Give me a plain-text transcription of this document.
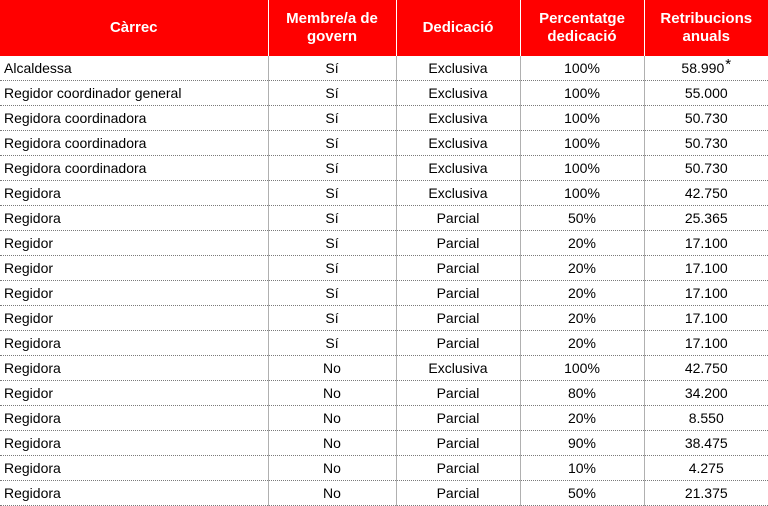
Càrrec	Membre/a de govern	Dedicació	Percentatge dedicació	Retribucions anuals
Alcaldessa	Sí	Exclusiva	100%	58.990*
Regidor coordinador general	Sí	Exclusiva	100%	55.000
Regidora coordinadora	Sí	Exclusiva	100%	50.730
Regidora coordinadora	Sí	Exclusiva	100%	50.730
Regidora coordinadora	Sí	Exclusiva	100%	50.730
Regidora	Sí	Exclusiva	100%	42.750
Regidora	Sí	Parcial	50%	25.365
Regidor	Sí	Parcial	20%	17.100
Regidor	Sí	Parcial	20%	17.100
Regidor	Sí	Parcial	20%	17.100
Regidor	Sí	Parcial	20%	17.100
Regidora	Sí	Parcial	20%	17.100
Regidora	No	Exclusiva	100%	42.750
Regidor	No	Parcial	80%	34.200
Regidora	No	Parcial	20%	8.550
Regidora	No	Parcial	90%	38.475
Regidora	No	Parcial	10%	4.275
Regidora	No	Parcial	50%	21.375
